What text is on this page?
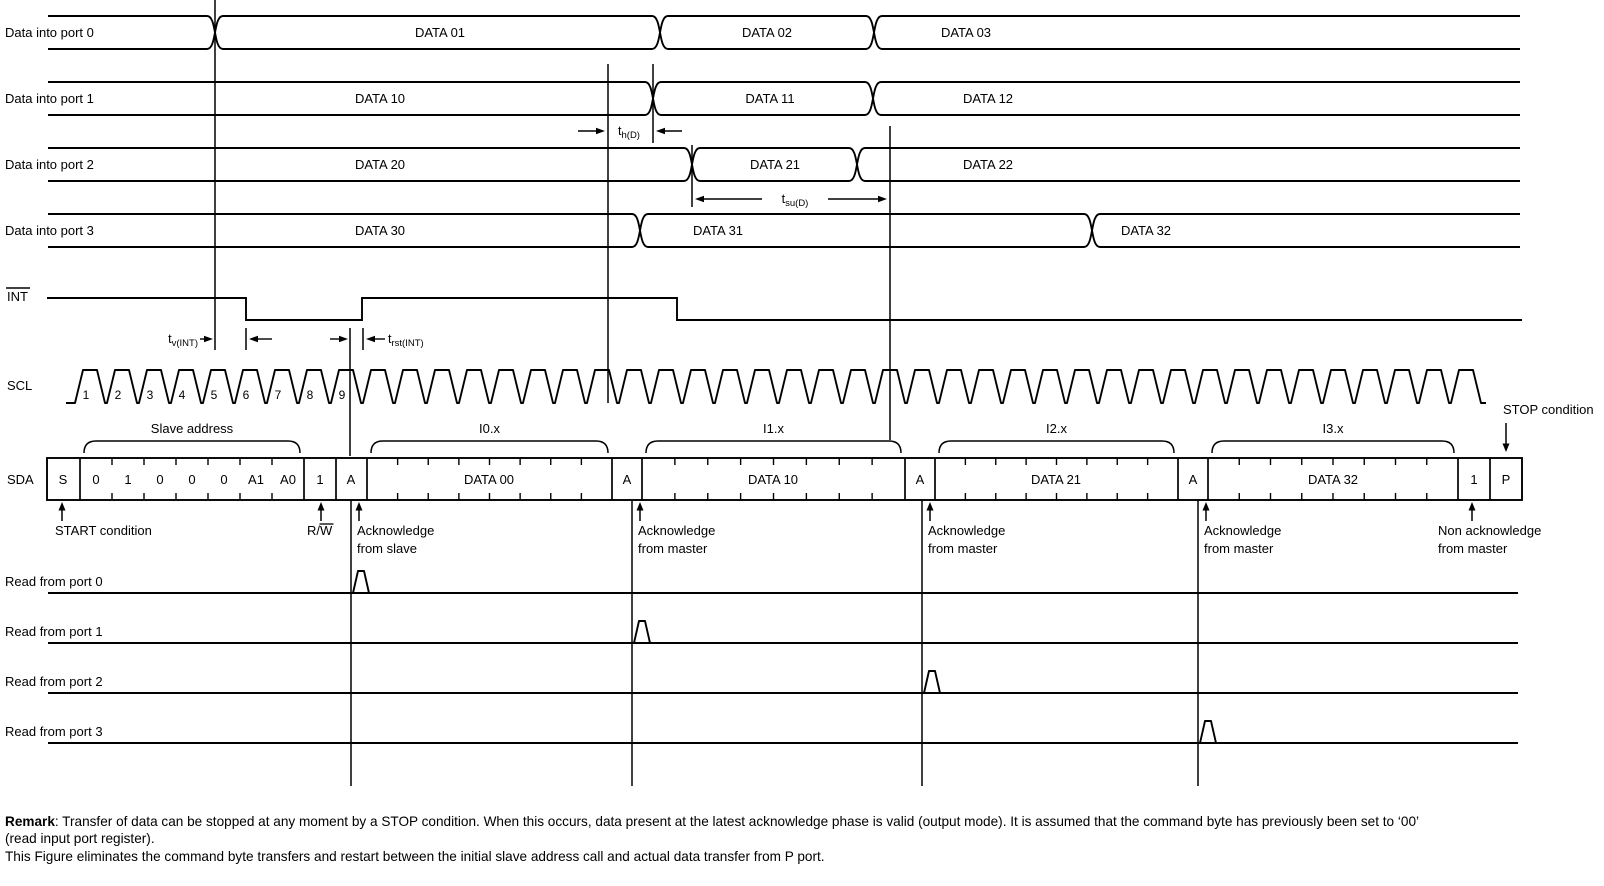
Data into port 0	DATA 01	DATA 02	DATA 03
Data into port 1	DATA 10	DATA 11	DATA 12
Data into port 2	DATA 20	DATA 21	DATA 22
Data into port 3	DATA 30	DATA 31	DATA 32
INT
1 2 3 4 5 6 7 8 9
SCL
SDA S 0 1 0 0 0 A1 A0 1 A	DATA 00	A	DATA 10	A	DATA 21	A	DATA 32	1 P
Slave address	I0.x	I1.x	I2.x	I3.x
START condition	R/W Acknowledge
from slave
Acknowledge
from master
Acknowledge
from master
Acknowledge
from master
Non acknowledge
from master
STOP condition
$t_{v(INT)}$	$t_{rst(INT)}$
$t_{h(D)}$
$t_{su(D)}$
Read from port 0
Read from port 1
Read from port 2
Read from port 3
Remark: Transfer of data can be stopped at any moment by a STOP condition. When this occurs, data present at the latest acknowledge phase is valid (output mode). It is assumed that the command byte has previously been set to ‘00’
(read input port register).
This Figure eliminates the command byte transfers and restart between the initial slave address call and actual data transfer from P port.
